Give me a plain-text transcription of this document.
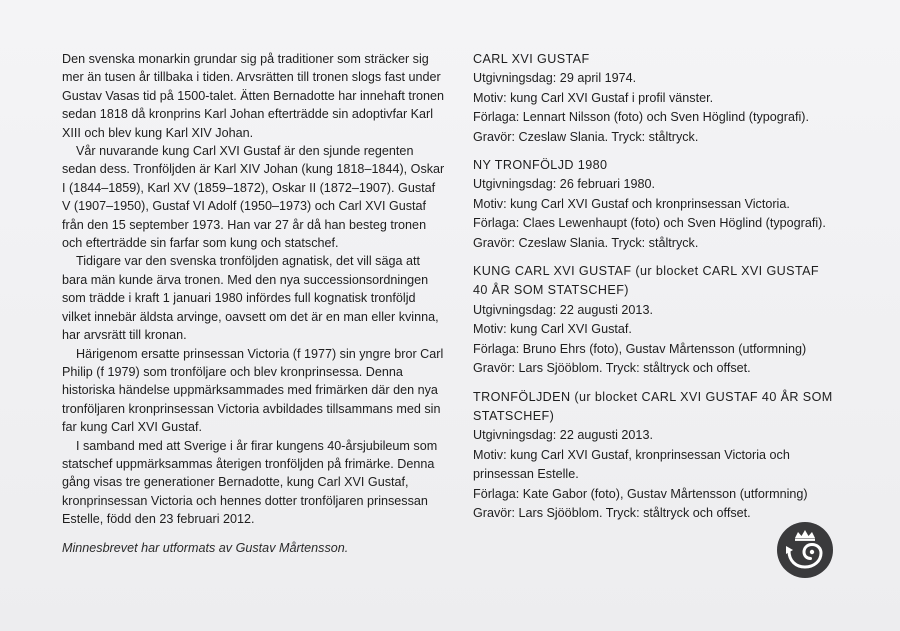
Den svenska monarkin grundar sig på traditioner som sträcker sig mer än tusen år tillbaka i tiden. Arvsrätten till tronen slogs fast under Gustav Vasas tid på 1500-talet. Ätten Bernadotte har innehaft tronen sedan 1818 då kronprins Karl Johan efterträdde sin adoptivfar Karl XIII och blev kung Karl XIV Johan.

Vår nuvarande kung Carl XVI Gustaf är den sjunde regenten sedan dess. Tronföljden är Karl XIV Johan (kung 1818–1844), Oskar I (1844–1859), Karl XV (1859–1872), Oskar II (1872–1907). Gustaf V (1907–1950), Gustaf VI Adolf (1950–1973) och Carl XVI Gustaf från den 15 september 1973. Han var 27 år då han besteg tronen och efterträdde sin farfar som kung och statschef.

Tidigare var den svenska tronföljden agnatisk, det vill säga att bara män kunde ärva tronen. Med den nya successionsordningen som trädde i kraft 1 januari 1980 infördes full kognatisk tronföljd vilket innebär äldsta arvinge, oavsett om det är en man eller kvinna, har arvsrätt till kronan.

Härigenom ersatte prinsessan Victoria (f 1977) sin yngre bror Carl Philip (f 1979) som tronföljare och blev kronprinsessa. Denna historiska händelse uppmärksammades med frimärken där den nya tronföljaren kronprinsessan Victoria avbildades tillsammans med sin far kung Carl XVI Gustaf.

I samband med att Sverige i år firar kungens 40-årsjubileum som statschef uppmärksammas återigen tronföljden på frimärke. Denna gång visas tre generationer Bernadotte, kung Carl XVI Gustaf, kronprinsessan Victoria och hennes dotter tronföljaren prinsessan Estelle, född den 23 februari 2012.

Minnesbrevet har utformats av Gustav Mårtensson.
CARL XVI GUSTAF
Utgivningsdag: 29 april 1974.
Motiv: kung Carl XVI Gustaf i profil vänster.
Förlaga: Lennart Nilsson (foto) och Sven Höglind (typografi).
Gravör: Czeslaw Slania. Tryck: ståltryck.
NY TRONFÖLJD 1980
Utgivningsdag: 26 februari 1980.
Motiv: kung Carl XVI Gustaf och kronprinsessan Victoria.
Förlaga: Claes Lewenhaupt (foto) och Sven Höglind (typografi).
Gravör: Czeslaw Slania. Tryck: ståltryck.
KUNG CARL XVI GUSTAF (ur blocket CARL XVI GUSTAF 40 ÅR SOM STATSCHEF)
Utgivningsdag: 22 augusti 2013.
Motiv: kung Carl XVI Gustaf.
Förlaga: Bruno Ehrs (foto), Gustav Mårtensson (utformning)
Gravör: Lars Sjööblom. Tryck: ståltryck och offset.
TRONFÖLJDEN (ur blocket CARL XVI GUSTAF 40 ÅR SOM STATSCHEF)
Utgivningsdag: 22 augusti 2013.
Motiv: kung Carl XVI Gustaf, kronprinsessan Victoria och prinsessan Estelle.
Förlaga: Kate Gabor (foto), Gustav Mårtensson (utformning)
Gravör: Lars Sjööblom. Tryck: ståltryck och offset.
